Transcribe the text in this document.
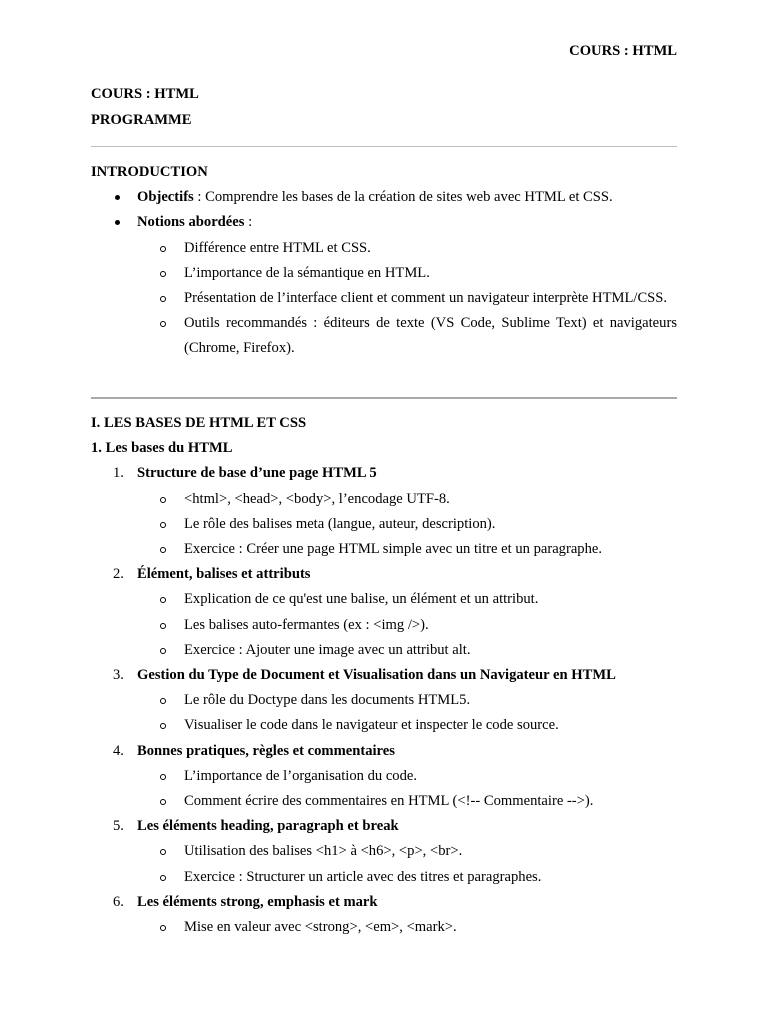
COURS : HTML
COURS : HTML
PROGRAMME
INTRODUCTION
Objectifs : Comprendre les bases de la création de sites web avec HTML et CSS.
Notions abordées :
Différence entre HTML et CSS.
L’importance de la sémantique en HTML.
Présentation de l’interface client et comment un navigateur interprète HTML/CSS.
Outils recommandés : éditeurs de texte (VS Code, Sublime Text) et navigateurs (Chrome, Firefox).
I. LES BASES DE HTML ET CSS
1. Les bases du HTML
1. Structure de base d’une page HTML 5
<html>, <head>, <body>, l’encodage UTF-8.
Le rôle des balises meta (langue, auteur, description).
Exercice : Créer une page HTML simple avec un titre et un paragraphe.
2. Élément, balises et attributs
Explication de ce qu'est une balise, un élément et un attribut.
Les balises auto-fermantes (ex : <img />).
Exercice : Ajouter une image avec un attribut alt.
3. Gestion du Type de Document et Visualisation dans un Navigateur en HTML
Le rôle du Doctype dans les documents HTML5.
Visualiser le code dans le navigateur et inspecter le code source.
4. Bonnes pratiques, règles et commentaires
L’importance de l’organisation du code.
Comment écrire des commentaires en HTML (<!-- Commentaire -->).
5. Les éléments heading, paragraph et break
Utilisation des balises <h1> à <h6>, <p>, <br>.
Exercice : Structurer un article avec des titres et paragraphes.
6. Les éléments strong, emphasis et mark
Mise en valeur avec <strong>, <em>, <mark>.
